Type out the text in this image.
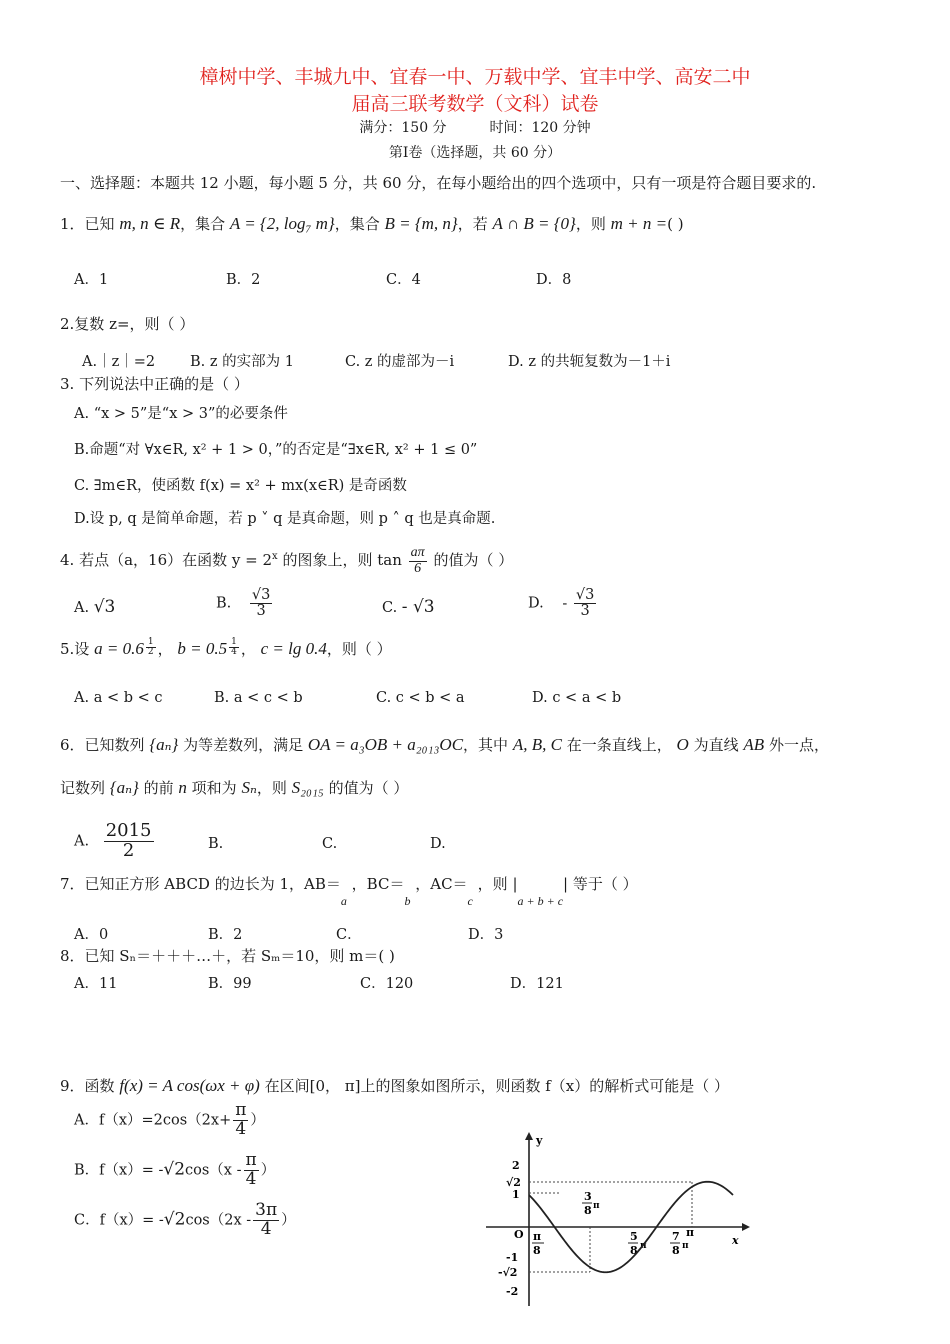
樟树中学、丰城九中、宜春一中、万载中学、宜丰中学、高安二中
届高三联考数学（文科）试卷
满分：150 分	时间：120 分钟
第Ⅰ卷（选择题，共 60 分）
一、选择题：本题共 12 小题，每小题 5 分，共 60 分，在每小题给出的四个选项中，只有一项是符合题目要求的.
1．已知 m, n ∈ R，集合 A = {2, log₇ m}，集合 B = {m, n}，若 A ∩ B = {0}，则 m + n =( )
A．1	B．2	C．4	D．8
2.复数 z=，则（ ）
A.｜z｜=2 B. z 的实部为 1	C. z 的虚部为－i	D. z 的共轭复数为－1＋i
3. 下列说法中正确的是（ ）
A. “x > 5”是“x > 3”的必要条件
B.命题“对 ∀x∈R, x² + 1 > 0，”的否定是“∃x∈R, x² + 1 ≤ 0”
C. ∃m∈R，使函数 f(x) = x² + mx(x∈R) 是奇函数
D.设 p, q 是简单命题，若 p ˅ q 是真命题，则 p ˄ q 也是真命题.
4. 若点（a，16）在函数 $y = 2^x$ 的图象上，则 $\tan \frac{a\pi}{6}$ 的值为（ ）
A. √3	B. $\frac{√3}{3}$	C. - √3	D. - $\frac{√3}{3}$
5.设 $a = 0.6 \frac{1}{2}$ ， $b = 0.5 \frac{1}{4}$ ， c = lg 0.4，则（ ）
A. a < b < c	B. a < c < b	C. c < b < a	D. c < a < b
6．已知数列 {aₙ} 为等差数列，满足 OA = a₃OB + a₂₀₁₃OC，其中 A, B, C 在一条直线上， O 为直线 AB 外一点，
记数列 {aₙ} 的前 n 项和为 Sₙ，则 S₂₀₁₅ 的值为（ ）
A. $\frac{2015}{2}$	B.	C.	D.
7．已知正方形 ABCD 的边长为 1，$AB=_a$ ，$BC=_b$ ，$AC=_c$ ，则 $|_{a + b + c}|$ 等于（ ）
A．0	B．2	C．	D．3
8．已知 Sₙ＝＋＋＋…＋，若 Sₘ＝10，则 m＝( )
A．11	B．99	C．120	D．121
9．函数 f(x) = A cos(ωx + φ) 在区间[0， π]上的图象如图所示，则函数 f（x）的解析式可能是（ ）
A．$f(x)=2\cos(2x+ \frac{\pi}{4}$ ）
B．$f(x)= -√2\cos(x - \frac{\pi}{4}$ ）
C．$f(x)= -√2\cos(2x - \frac{3\pi}{4}$ ）
y
x
O
2
√2
1
-1
-√2
-2
π
8
3
8 π
5
8 π
7
8 π
π
